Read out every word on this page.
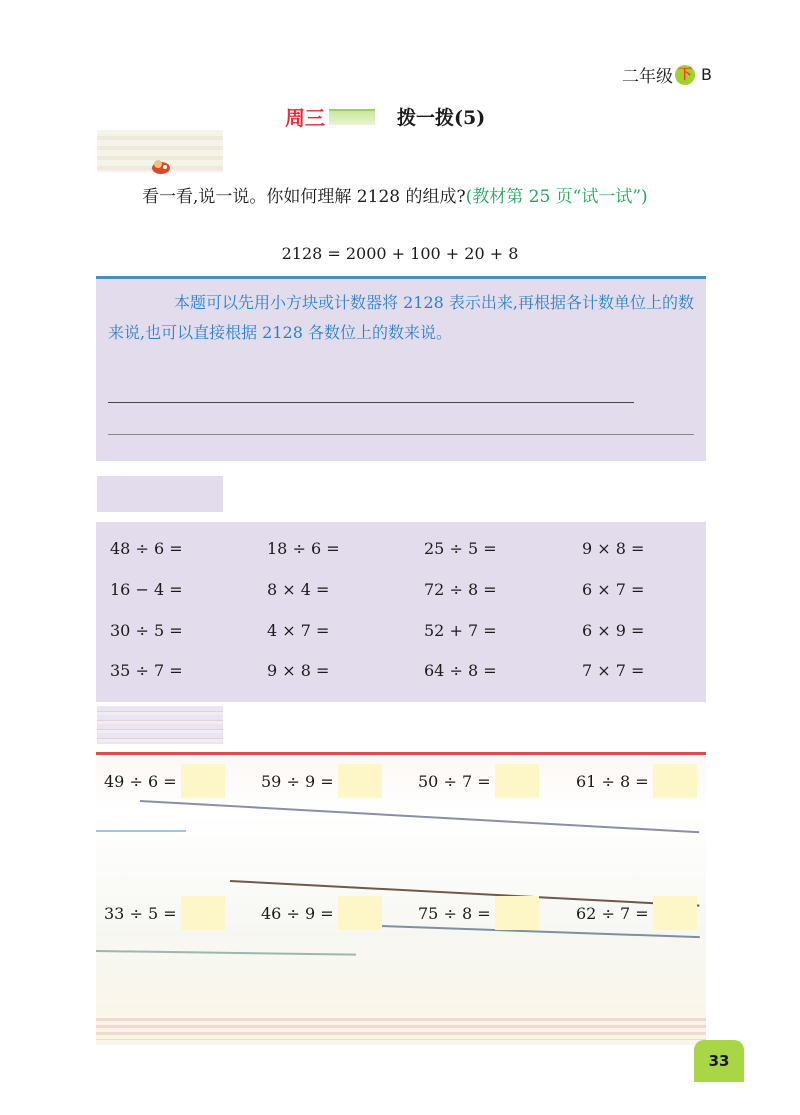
二年级 下 B
周三	拨一拨(5)
看一看,说一说。你如何理解 2128 的组成?(教材第 25 页“试一试”)
2128 = 2000 + 100 + 20 + 8
本题可以先用小方块或计数器将 2128 表示出来,再根据各计数单位上的数来说,也可以直接根据 2128 各数位上的数来说。
48 ÷ 6 =	18 ÷ 6 =	25 ÷ 5 =	9 × 8 =
16 − 4 =	8 × 4 =	72 ÷ 8 =	6 × 7 =
30 ÷ 5 =	4 × 7 =	52 + 7 =	6 × 9 =
35 ÷ 7 =	9 × 8 =	64 ÷ 8 =	7 × 7 =
49 ÷ 6 =	59 ÷ 9 =	50 ÷ 7 =	61 ÷ 8 =
33 ÷ 5 =	46 ÷ 9 =	75 ÷ 8 =	62 ÷ 7 =
33
